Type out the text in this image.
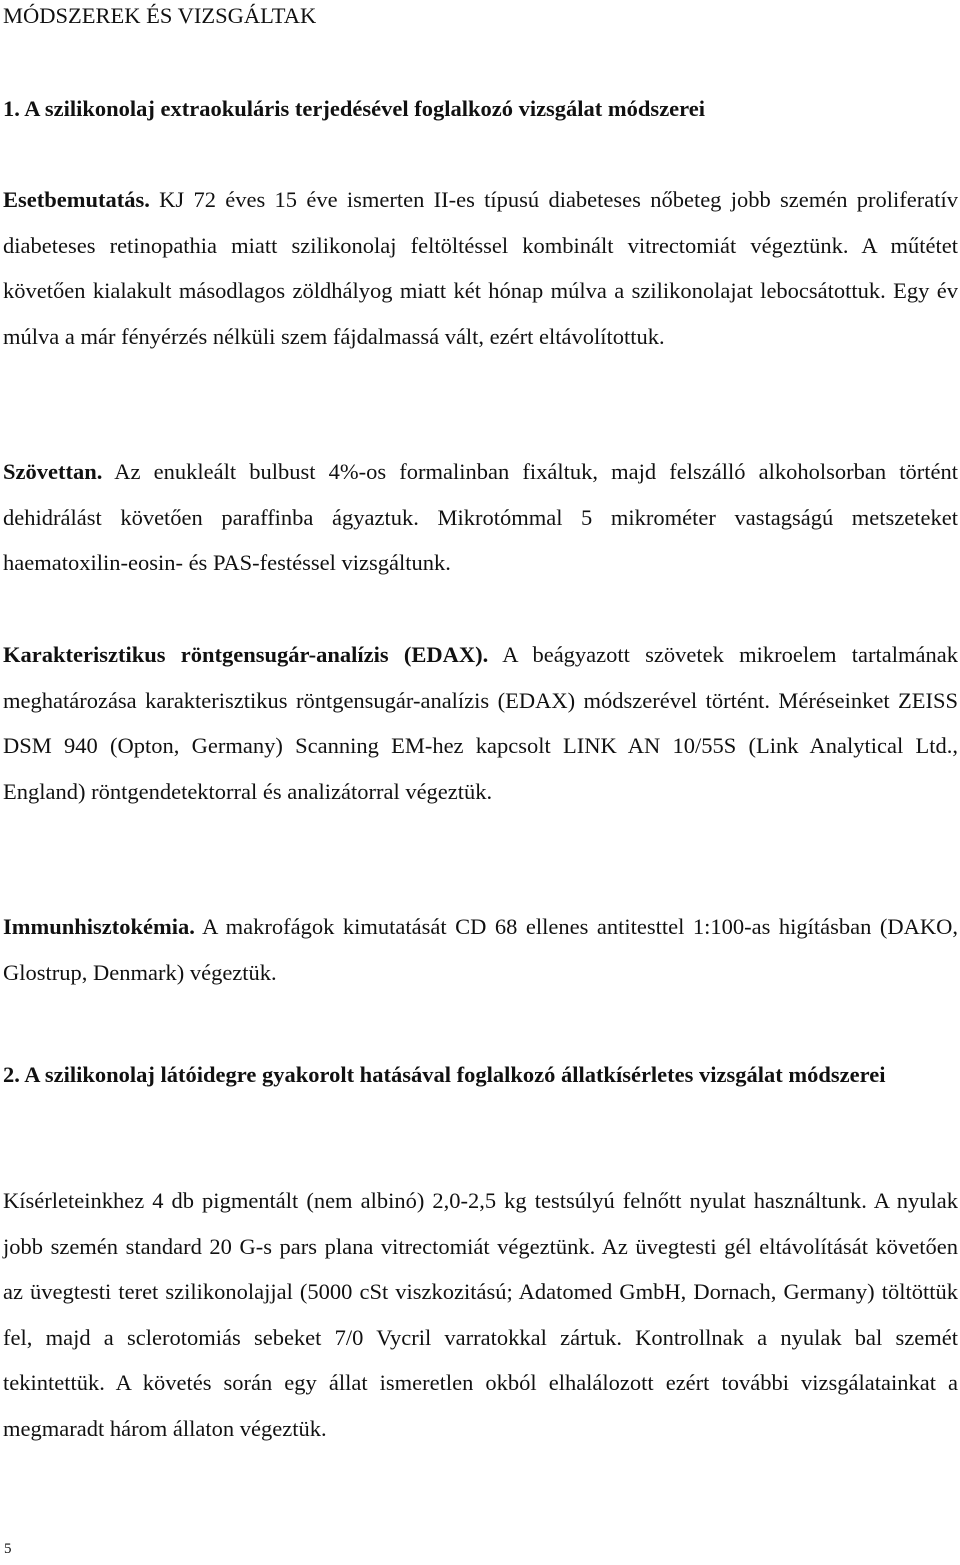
MÓDSZEREK ÉS VIZSGÁLTAK
1. A szilikonolaj extraokuláris terjedésével foglalkozó vizsgálat módszerei

Esetbemutatás. KJ 72 éves 15 éve ismerten II-es típusú diabeteses nőbeteg jobb szemén proliferatív diabeteses retinopathia miatt szilikonolaj feltöltéssel kombinált vitrectomiát végeztünk. A műtétet követően kialakult másodlagos zöldhályog miatt két hónap múlva a szilikonolajat lebocsátottuk. Egy év múlva a már fényérzés nélküli szem fájdalmassá vált, ezért eltávolítottuk.

Szövettan. Az enukleált bulbust 4%-os formalinban fixáltuk, majd felszálló alkoholsorban történt dehidrálást követően paraffinba ágyaztuk. Mikrotómmal 5 mikrométer vastagságú metszeteket haematoxilin-eosin- és PAS-festéssel vizsgáltunk.

Karakterisztikus röntgensugár-analízis (EDAX). A beágyazott szövetek mikroelem tartalmának meghatározása karakterisztikus röntgensugár-analízis (EDAX) módszerével történt. Méréseinket ZEISS DSM 940 (Opton, Germany) Scanning EM-hez kapcsolt LINK AN 10/55S (Link Analytical Ltd., England) röntgendetektorral és analizátorral végeztük.

Immunhisztokémia. A makrofágok kimutatását CD 68 ellenes antitesttel 1:100-as higításban (DAKO, Glostrup, Denmark) végeztük.

2. A szilikonolaj látóidegre gyakorolt hatásával foglalkozó állatkísérletes vizsgálat módszerei

Kísérleteinkhez 4 db pigmentált (nem albinó) 2,0-2,5 kg testsúlyú felnőtt nyulat használtunk. A nyulak jobb szemén standard 20 G-s pars plana vitrectomiát végeztünk. Az üvegtesti gél eltávolítását követően az üvegtesti teret szilikonolajjal (5000 cSt viszkozitású; Adatomed GmbH, Dornach, Germany) töltöttük fel, majd a sclerotomiás sebeket 7/0 Vycril varratokkal zártuk. Kontrollnak a nyulak bal szemét tekintettük. A követés során egy állat ismeretlen okból elhalálozott ezért további vizsgálatainkat a megmaradt három állaton végeztük.

5
